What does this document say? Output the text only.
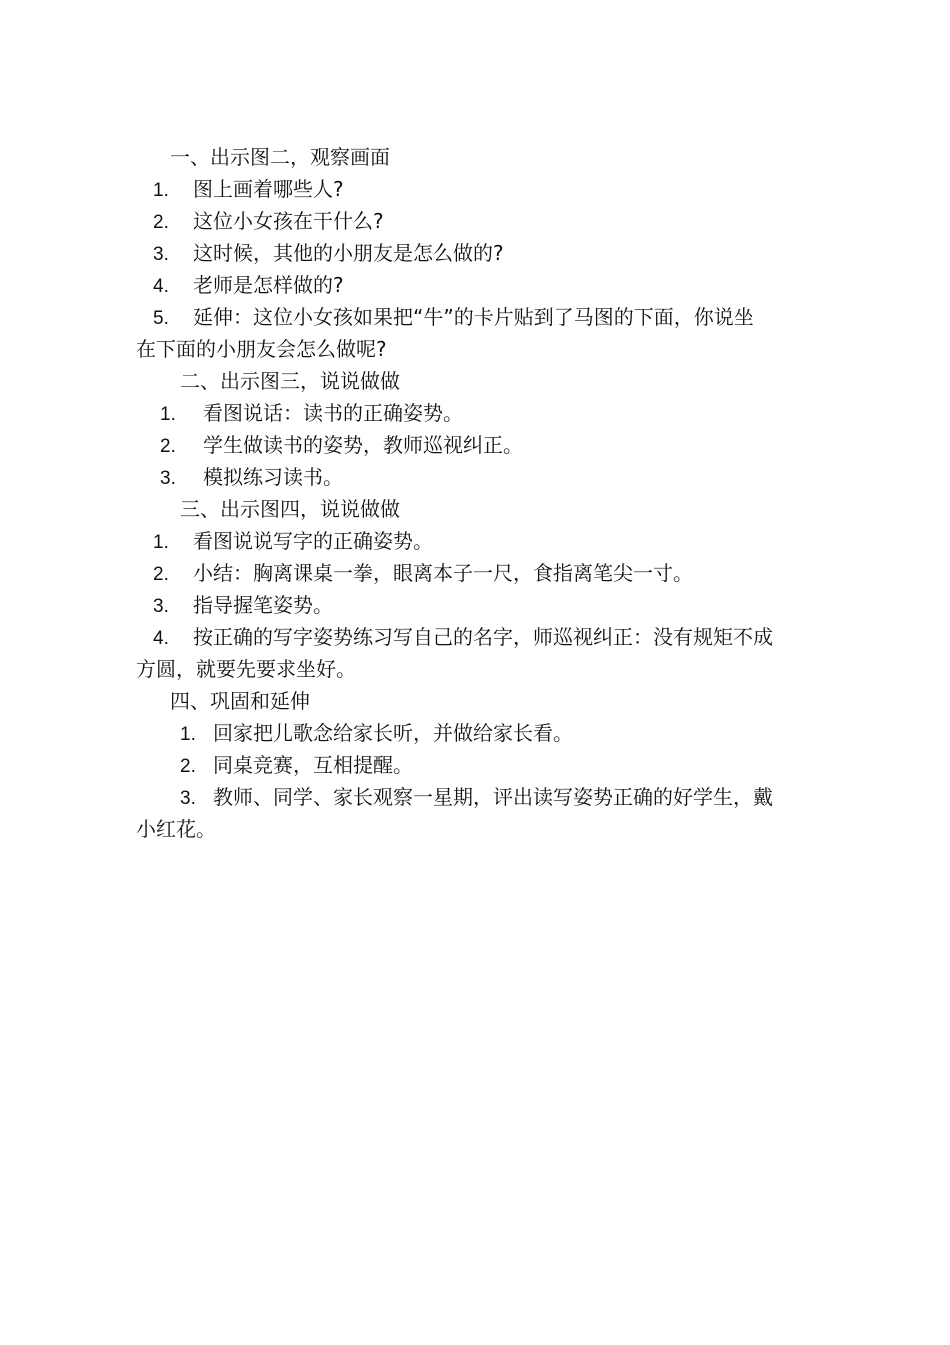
一、出示图二，观察画面
1. 图上画着哪些人?
2. 这位小女孩在干什么?
3. 这时候，其他的小朋友是怎么做的?
4. 老师是怎样做的?
5. 延伸：这位小女孩如果把“牛”的卡片贴到了马图的下面，你说坐
在下面的小朋友会怎么做呢?
二、出示图三，说说做做
1. 看图说话：读书的正确姿势。
2. 学生做读书的姿势，教师巡视纠正。
3. 模拟练习读书。
三、出示图四，说说做做
1. 看图说说写字的正确姿势。
2. 小结：胸离课桌一拳，眼离本子一尺，食指离笔尖一寸。
3. 指导握笔姿势。
4. 按正确的写字姿势练习写自己的名字，师巡视纠正：没有规矩不成
方圆，就要先要求坐好。
四、巩固和延伸
1. 回家把儿歌念给家长听，并做给家长看。
2. 同桌竞赛，互相提醒。
3. 教师、同学、家长观察一星期，评出读写姿势正确的好学生，戴
小红花。
